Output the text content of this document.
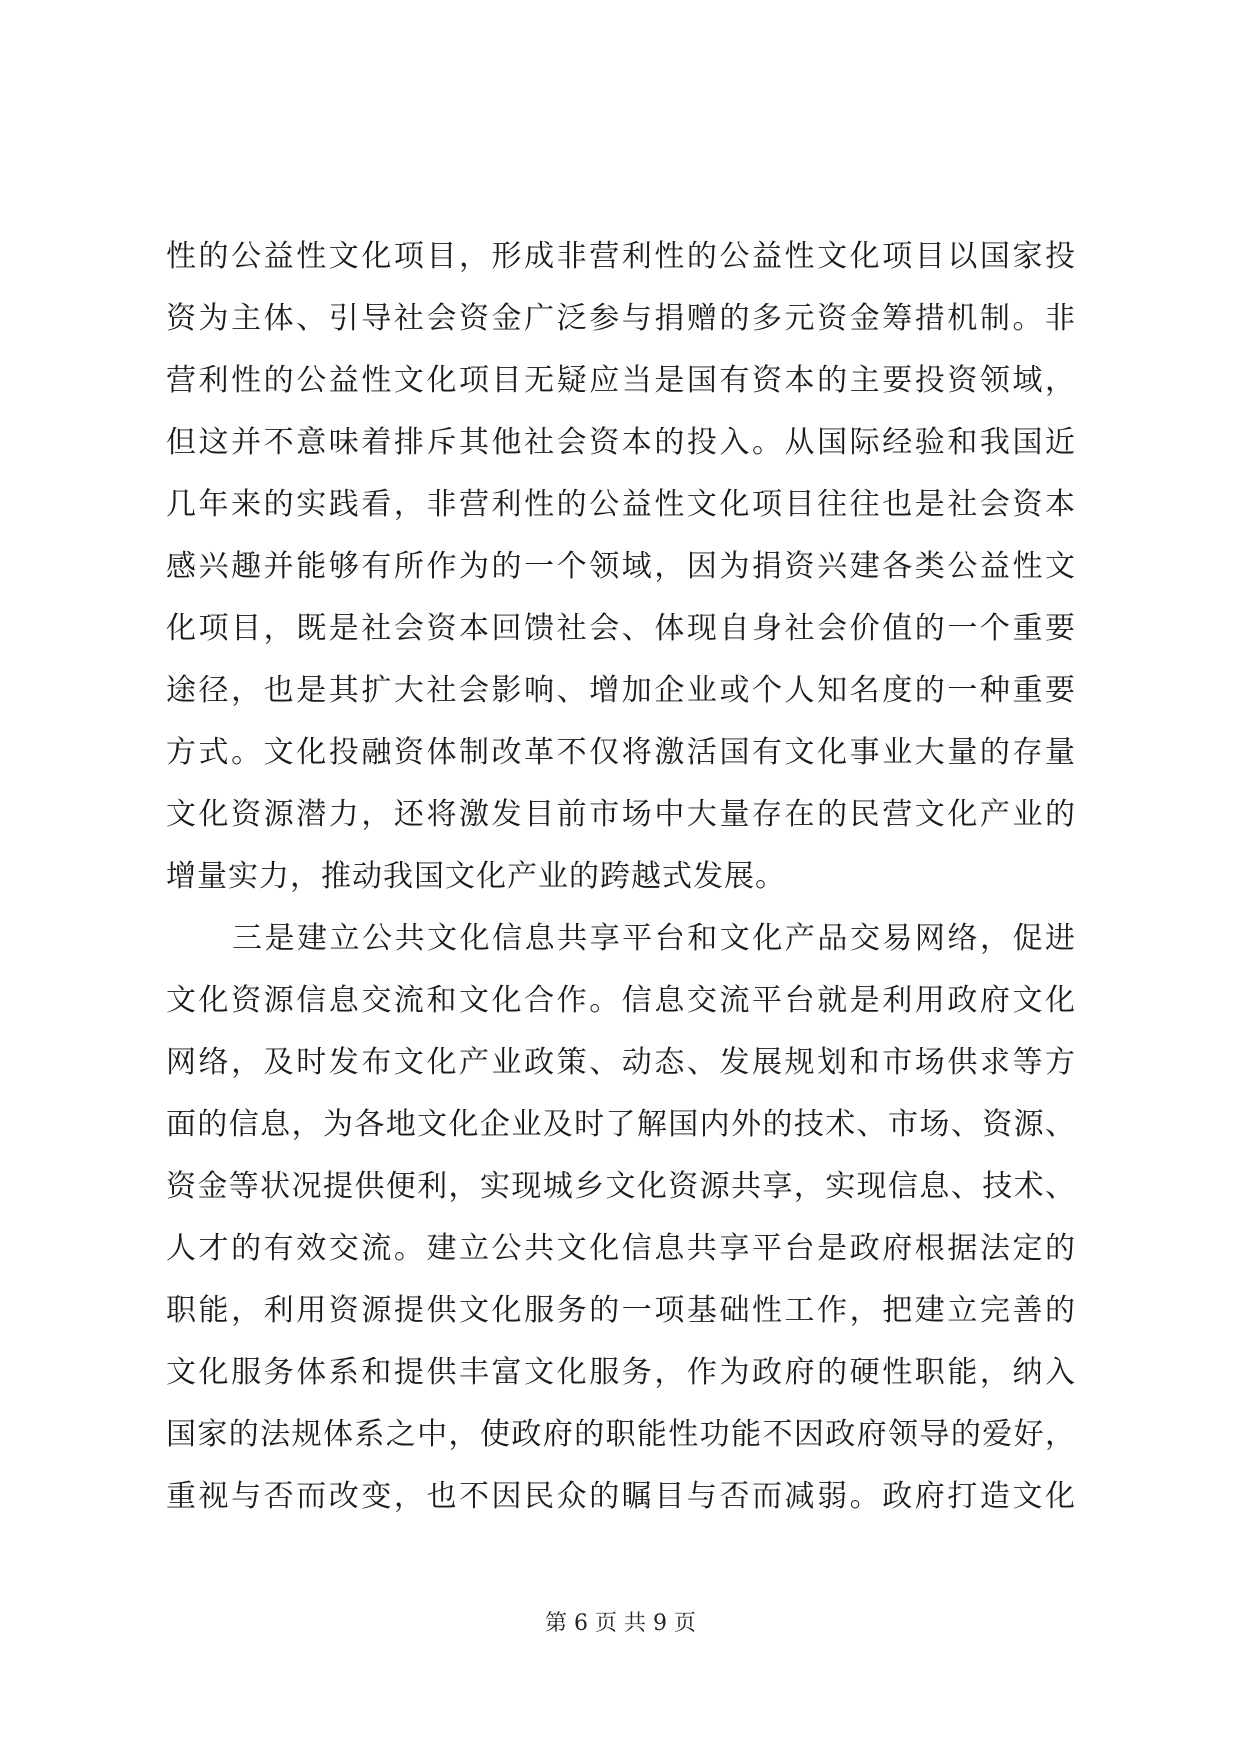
性的公益性文化项目，形成非营利性的公益性文化项目以国家投
资为主体、引导社会资金广泛参与捐赠的多元资金筹措机制。非
营利性的公益性文化项目无疑应当是国有资本的主要投资领域，
但这并不意味着排斥其他社会资本的投入。从国际经验和我国近
几年来的实践看，非营利性的公益性文化项目往往也是社会资本
感兴趣并能够有所作为的一个领域，因为捐资兴建各类公益性文
化项目，既是社会资本回馈社会、体现自身社会价值的一个重要
途径，也是其扩大社会影响、增加企业或个人知名度的一种重要
方式。文化投融资体制改革不仅将激活国有文化事业大量的存量
文化资源潜力，还将激发目前市场中大量存在的民营文化产业的
增量实力，推动我国文化产业的跨越式发展。
三是建立公共文化信息共享平台和文化产品交易网络，促进
文化资源信息交流和文化合作。信息交流平台就是利用政府文化
网络，及时发布文化产业政策、动态、发展规划和市场供求等方
面的信息，为各地文化企业及时了解国内外的技术、市场、资源、
资金等状况提供便利，实现城乡文化资源共享，实现信息、技术、
人才的有效交流。建立公共文化信息共享平台是政府根据法定的
职能，利用资源提供文化服务的一项基础性工作，把建立完善的
文化服务体系和提供丰富文化服务，作为政府的硬性职能，纳入
国家的法规体系之中，使政府的职能性功能不因政府领导的爱好，
重视与否而改变，也不因民众的瞩目与否而减弱。政府打造文化
第 6 页 共 9 页
